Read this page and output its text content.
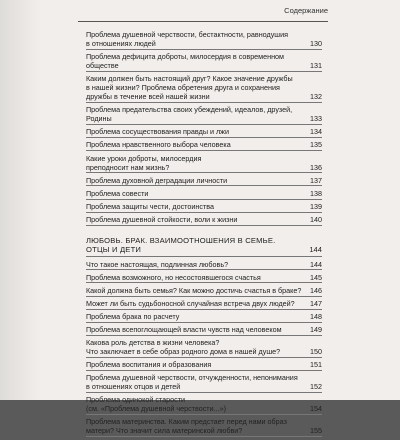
Содержание
Проблема душевной черствости, бестактности, равнодушия
в отношениях людей	130
Проблема дефицита доброты, милосердия в современном
обществе	131
Каким должен быть настоящий друг? Какое значение дружбы
в нашей жизни? Проблема обретения друга и сохранения
дружбы в течение всей нашей жизни	132
Проблема предательства своих убеждений, идеалов, друзей,
Родины	133
Проблема сосуществования правды и лжи	134
Проблема нравственного выбора человека	135
Какие уроки доброты, милосердия
преподносит нам жизнь?	136
Проблема духовной деградации личности	137
Проблема совести	138
Проблема защиты чести, достоинства	139
Проблема душевной стойкости, воли к жизни	140
ЛЮБОВЬ. БРАК. ВЗАИМООТНОШЕНИЯ В СЕМЬЕ.
ОТЦЫ И ДЕТИ	144
Что такое настоящая, подлинная любовь?	144
Проблема возможного, но несостоявшегося счастья	145
Какой должна быть семья? Как можно достичь счастья в браке?	146
Может ли быть судьбоносной случайная встреча двух людей?	147
Проблема брака по расчету	148
Проблема всепоглощающей власти чувств над человеком	149
Какова роль детства в жизни человека?
Что заключает в себе образ родного дома в нашей душе?	150
Проблема воспитания и образования	151
Проблема душевной черствости, отчужденности, непонимания
в отношениях отцов и детей	152
Проблема одинокой старости
(см. «Проблема душевной черствости...»)	154
Проблема материнства. Каким предстает перед нами образ
матери? Что значит сила материнской любви?	155
